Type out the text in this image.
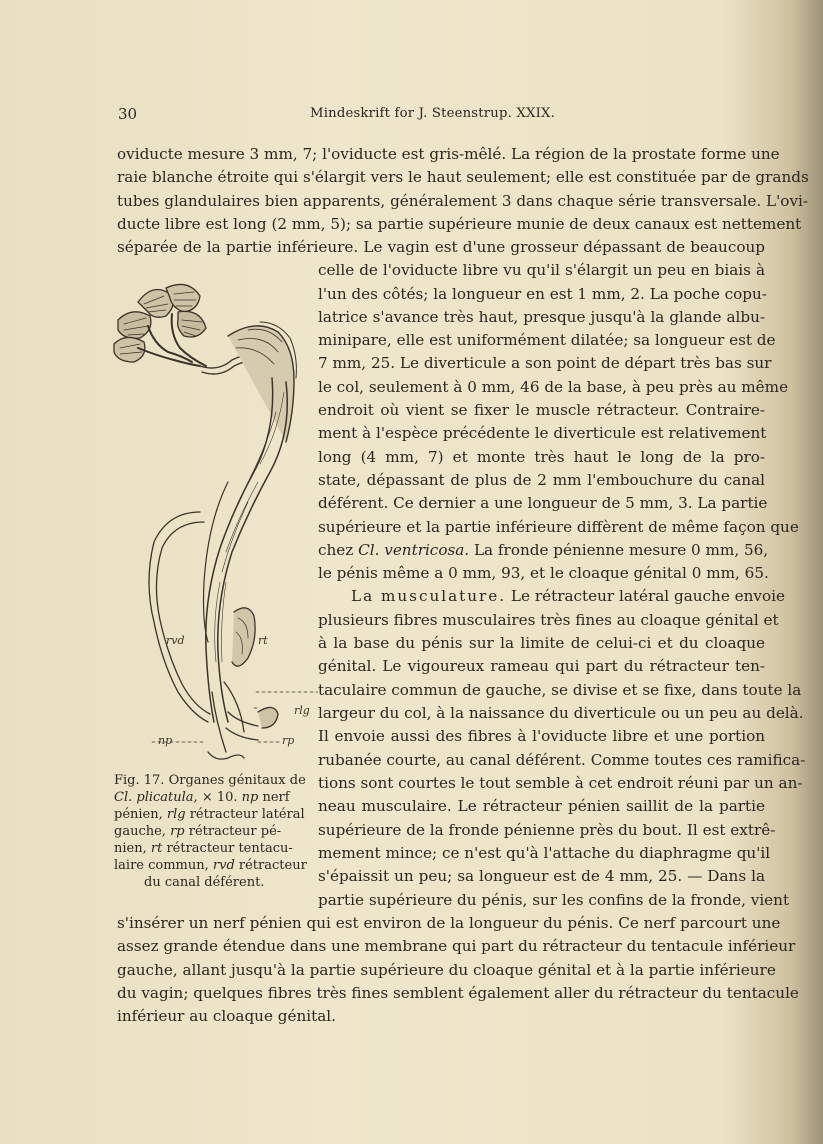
30	Mindeskrift for J. Steenstrup. XXIX.
oviducte mesure 3 mm, 7; l'oviducte est gris-mêlé. La région de la prostate forme une
raie blanche étroite qui s'élargit vers le haut seulement; elle est constituée par de grands
tubes glandulaires bien apparents, généralement 3 dans chaque série transversale. L'ovi-
ducte libre est long (2 mm, 5); sa partie supérieure munie de deux canaux est nettement
séparée de la partie inférieure. Le vagin est d'une grosseur dépassant de beaucoup
celle de l'oviducte libre vu qu'il s'élargit un peu en biais à
l'un des côtés; la longueur en est 1 mm, 2. La poche copu-
latrice s'avance très haut, presque jusqu'à la glande albu-
minipare, elle est uniformément dilatée; sa longueur est de
7 mm, 25. Le diverticule a son point de départ très bas sur
le col, seulement à 0 mm, 46 de la base, à peu près au même
endroit où vient se fixer le muscle rétracteur. Contraire-
ment à l'espèce précédente le diverticule est relativement
long (4 mm, 7) et monte très haut le long de la pro-
state, dépassant de plus de 2 mm l'embouchure du canal
déférent. Ce dernier a une longueur de 5 mm, 3. La partie
supérieure et la partie inférieure diffèrent de même façon que
chez Cl. ventricosa. La fronde pénienne mesure 0 mm, 56,
le pénis même a 0 mm, 93, et le cloaque génital 0 mm, 65.
La musculature. Le rétracteur latéral gauche envoie
plusieurs fibres musculaires très fines au cloaque génital et
à la base du pénis sur la limite de celui-ci et du cloaque
génital. Le vigoureux rameau qui part du rétracteur ten-
taculaire commun de gauche, se divise et se fixe, dans toute la
largeur du col, à la naissance du diverticule ou un peu au delà.
Il envoie aussi des fibres à l'oviducte libre et une portion
rubanée courte, au canal déférent. Comme toutes ces ramifica-
tions sont courtes le tout semble à cet endroit réuni par un an-
neau musculaire. Le rétracteur pénien saillit de la partie
supérieure de la fronde pénienne près du bout. Il est extrê-
mement mince; ce n'est qu'à l'attache du diaphragme qu'il
s'épaissit un peu; sa longueur est de 4 mm, 25. — Dans la
partie supérieure du pénis, sur les confins de la fronde, vient
s'insérer un nerf pénien qui est environ de la longueur du pénis. Ce nerf parcourt une
assez grande étendue dans une membrane qui part du rétracteur du tentacule inférieur
gauche, allant jusqu'à la partie supérieure du cloaque génital et à la partie inférieure
du vagin; quelques fibres très fines semblent également aller du rétracteur du tentacule
inférieur au cloaque génital.
rvd	rt
rlg
np	rp
Fig. 17. Organes génitaux de
Cl. plicatula, × 10. np nerf
pénien, rlg rétracteur latéral
gauche, rp rétracteur pé-
nien, rt rétracteur tentacu-
laire commun, rvd rétracteur
du canal déférent.
